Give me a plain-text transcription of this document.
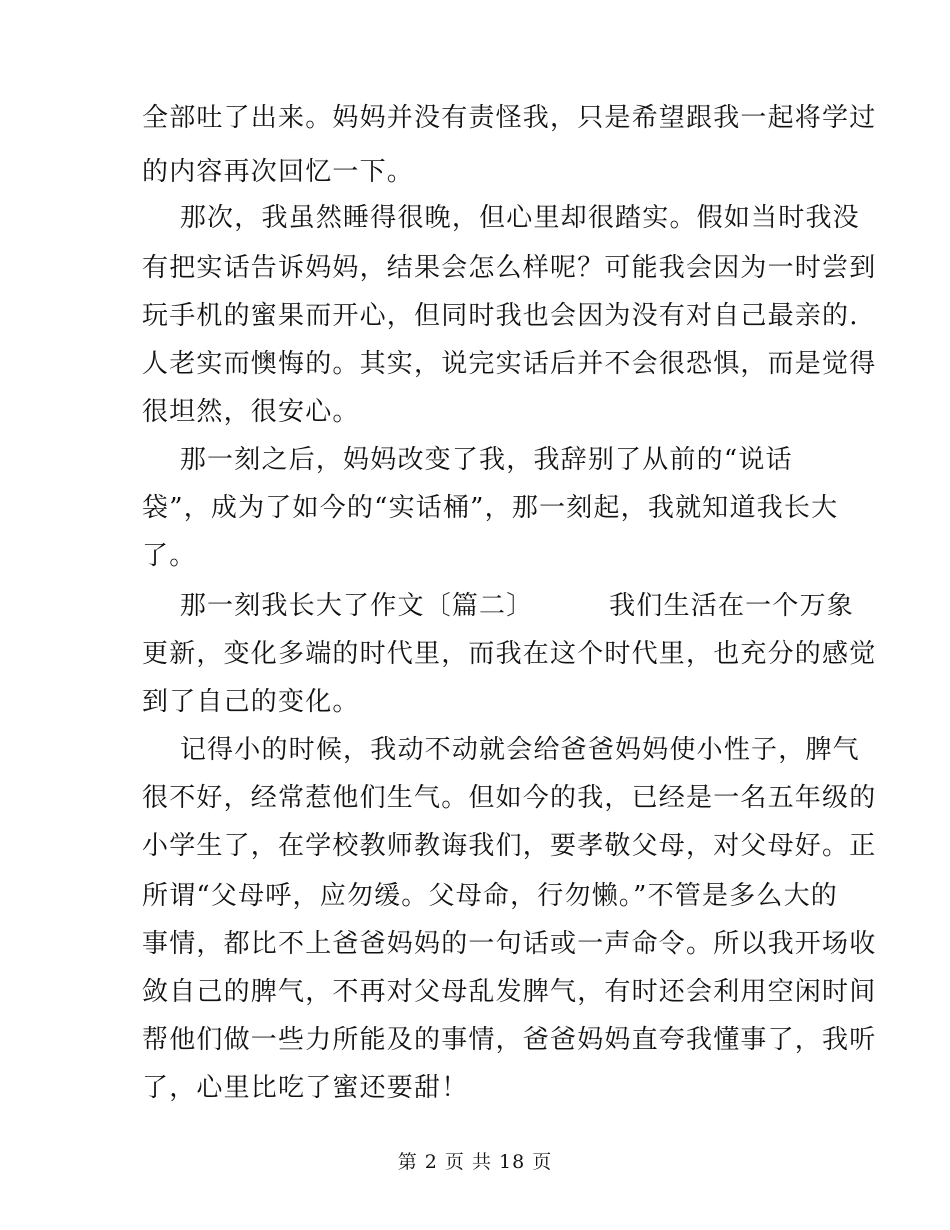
全部吐了出来。妈妈并没有责怪我，只是希望跟我一起将学过
的内容再次回忆一下。
那次，我虽然睡得很晚，但心里却很踏实。假如当时我没
有把实话告诉妈妈，结果会怎么样呢？可能我会因为一时尝到
玩手机的蜜果而开心，但同时我也会因为没有对自己最亲的.
人老实而懊悔的。其实，说完实话后并不会很恐惧，而是觉得
很坦然，很安心。
那一刻之后，妈妈改变了我，我辞别了从前的“说话
袋”，成为了如今的“实话桶”，那一刻起，我就知道我长大
了。
那一刻我长大了作文〔篇二〕        我们生活在一个万象
更新，变化多端的时代里，而我在这个时代里，也充分的感觉
到了自己的变化。
记得小的时候，我动不动就会给爸爸妈妈使小性子，脾气
很不好，经常惹他们生气。但如今的我，已经是一名五年级的
小学生了，在学校教师教诲我们，要孝敬父母，对父母好。正
所谓“父母呼，应勿缓。父母命，行勿懒。”不管是多么大的
事情，都比不上爸爸妈妈的一句话或一声命令。所以我开场收
敛自己的脾气，不再对父母乱发脾气，有时还会利用空闲时间
帮他们做一些力所能及的事情，爸爸妈妈直夸我懂事了，我听
了，心里比吃了蜜还要甜！
第 2 页 共 18 页
